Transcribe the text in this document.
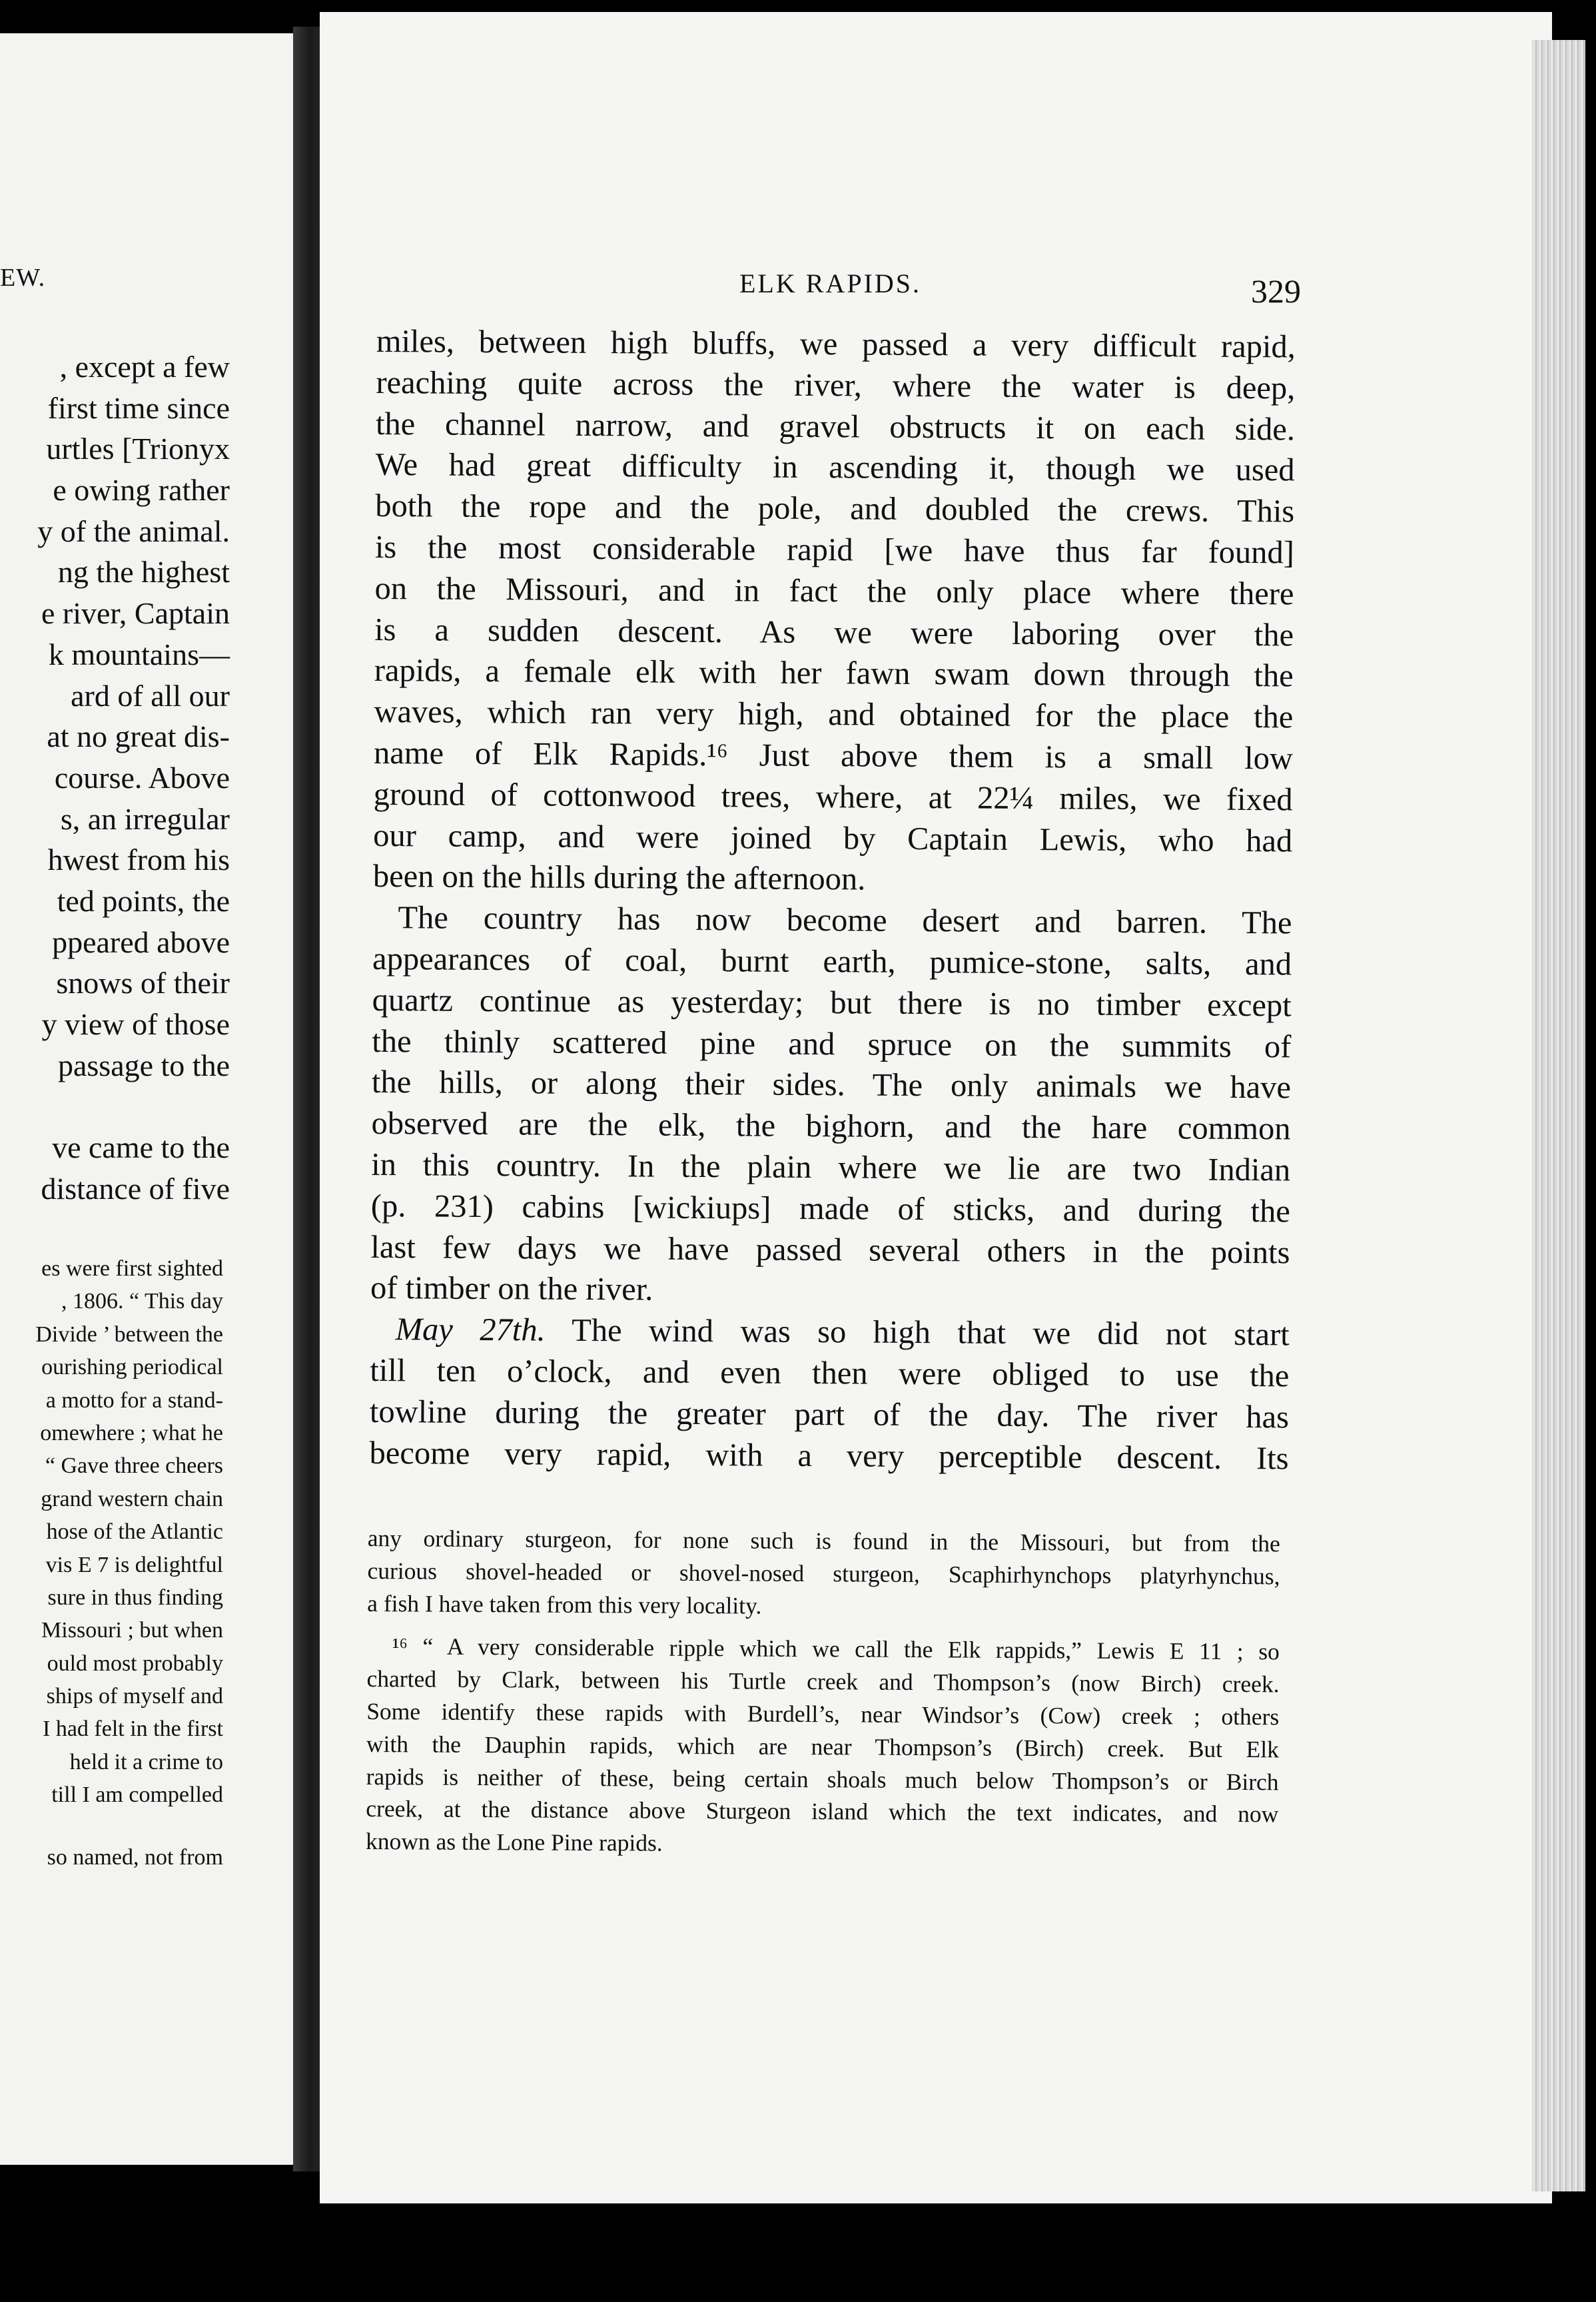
EW.
, except a few
first time since
urtles [Trionyx
e owing rather
y of the animal.
ng the highest
e river, Captain
k mountains—
ard of all our
at no great dis-
course. Above
s, an irregular
hwest from his
ted points, the
ppeared above
snows of their
y view of those
passage to the
ve came to the
distance of five
es were first sighted
, 1806. “ This day
Divide ’ between the
ourishing periodical
a motto for a stand-
omewhere ; what he
“ Gave three cheers
grand western chain
hose of the Atlantic
vis E 7 is delightful
sure in thus finding
Missouri ; but when
ould most probably
ships of myself and
I had felt in the first
held it a crime to
till I am compelled
so named, not from
ELK RAPIDS.	329
miles, between high bluffs, we passed a very difficult rapid,
reaching quite across the river, where the water is deep,
the channel narrow, and gravel obstructs it on each side.
We had great difficulty in ascending it, though we used
both the rope and the pole, and doubled the crews. This
is the most considerable rapid [we have thus far found]
on the Missouri, and in fact the only place where there
is a sudden descent. As we were laboring over the
rapids, a female elk with her fawn swam down through the
waves, which ran very high, and obtained for the place the
name of Elk Rapids.¹⁶ Just above them is a small low
ground of cottonwood trees, where, at 22¼ miles, we fixed
our camp, and were joined by Captain Lewis, who had
been on the hills during the afternoon.
The country has now become desert and barren. The
appearances of coal, burnt earth, pumice-stone, salts, and
quartz continue as yesterday; but there is no timber except
the thinly scattered pine and spruce on the summits of
the hills, or along their sides. The only animals we have
observed are the elk, the bighorn, and the hare common
in this country. In the plain where we lie are two Indian
(p. 231) cabins [wickiups] made of sticks, and during the
last few days we have passed several others in the points
of timber on the river.
May 27th. The wind was so high that we did not start
till ten o’clock, and even then were obliged to use the
towline during the greater part of the day. The river has
become very rapid, with a very perceptible descent. Its
any ordinary sturgeon, for none such is found in the Missouri, but from the
curious shovel-headed or shovel-nosed sturgeon, Scaphirhynchops platyrhynchus,
a fish I have taken from this very locality.
¹⁶ “ A very considerable ripple which we call the Elk rappids,” Lewis E 11 ; so
charted by Clark, between his Turtle creek and Thompson’s (now Birch) creek.
Some identify these rapids with Burdell’s, near Windsor’s (Cow) creek ; others
with the Dauphin rapids, which are near Thompson’s (Birch) creek. But Elk
rapids is neither of these, being certain shoals much below Thompson’s or Birch
creek, at the distance above Sturgeon island which the text indicates, and now
known as the Lone Pine rapids.
